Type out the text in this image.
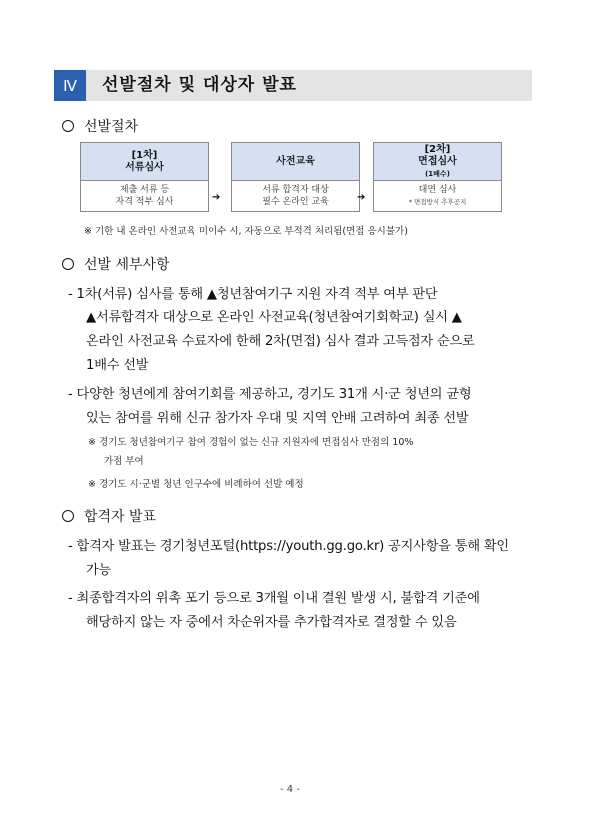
Ⅳ	선발절차 및 대상자 발표
선발절차
[1차]
서류심사
제출 서류 등
자격 적부 심사	➔
사전교육
서류 합격자 대상
필수 온라인 교육	➔
[2차]
면접심사
(1배수)
대면 심사
* 면접방식 추후공지
※ 기한 내 온라인 사전교육 미이수 시, 자동으로 부적격 처리됨(면접 응시불가)
선발 세부사항
- 1차(서류) 심사를 통해 ▲청년참여기구 지원 자격 적부 여부 판단
▲서류합격자 대상으로 온라인 사전교육(청년참여기회학교) 실시 ▲
온라인 사전교육 수료자에 한해 2차(면접) 심사 결과 고득점자 순으로
1배수 선발
- 다양한 청년에게 참여기회를 제공하고, 경기도 31개 시·군 청년의 균형
있는 참여를 위해 신규 참가자 우대 및 지역 안배 고려하여 최종 선발
※ 경기도 청년참여기구 참여 경험이 없는 신규 지원자에 면접심사 만점의 10%
가점 부여
※ 경기도 시·군별 청년 인구수에 비례하여 선발 예정
합격자 발표
- 합격자 발표는 경기청년포털(https://youth.gg.go.kr) 공지사항을 통해 확인
가능
- 최종합격자의 위촉 포기 등으로 3개월 이내 결원 발생 시, 불합격 기준에
해당하지 않는 자 중에서 차순위자를 추가합격자로 결정할 수 있음
- 4 -
